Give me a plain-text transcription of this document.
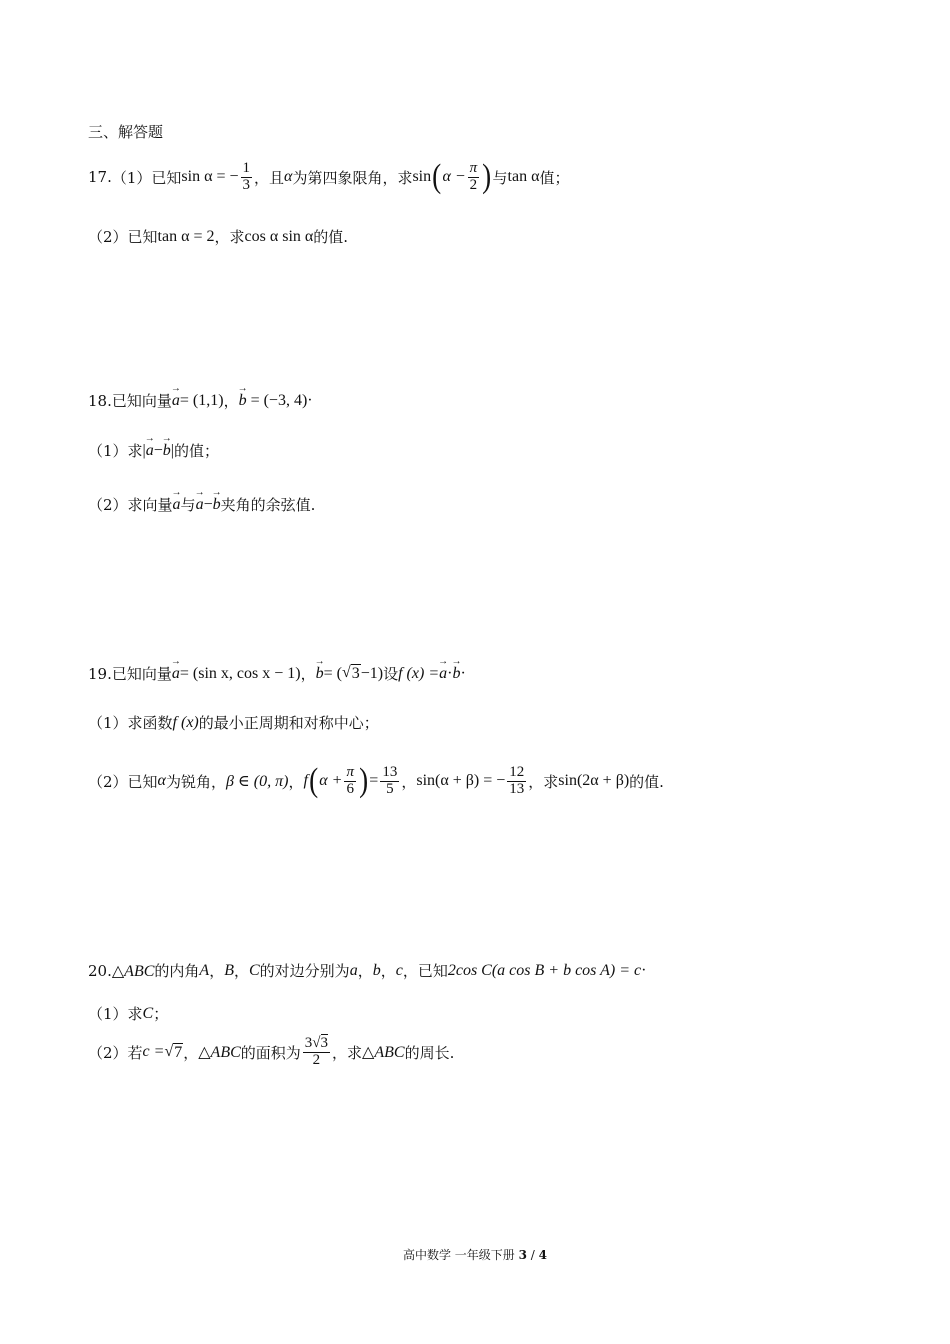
三、解答题
17. （1）已知 sin α = − $\frac{1}{3}$ ，且 α 为第四象限角，求 sin ( $\alpha - \frac{\pi}{2}$ ) 与 tan α 值；
（2）已知 tan α = 2 ，求 cos α sin α 的值.
18. 已知向量 → a = (1,1) ， → b = (−3, 4) ·
（1）求 | → a − → b | 的值；
（2）求向量 → a 与 → a − → b 夹角的余弦值.
19. 已知向量 → a = (sin x, cos x − 1) ， → b = ( √ 3 −1) 设 f (x) = → a · → b ·
（1）求函数 f (x) 的最小正周期和对称中心；
（2）已知 α 为锐角， β ∈ (0, π) ， f ( $\alpha + \frac{\pi}{6}$ ) = $\frac{13}{5}$ ， sin(α + β) = − $\frac{12}{13}$ ，求 sin(2α + β) 的值.
20. △ABC 的内角 A ， B ， C 的对边分别为 a ， b ， c ，已知 2cos C(a cos B + b cos A) = c ·
（1）求 C ；
（2）若 c = √ 7 ， △ABC 的面积为 $\frac{3√3}{2}$ ，求 △ABC 的周长.
高中数学 一年级下册 3 / 4
